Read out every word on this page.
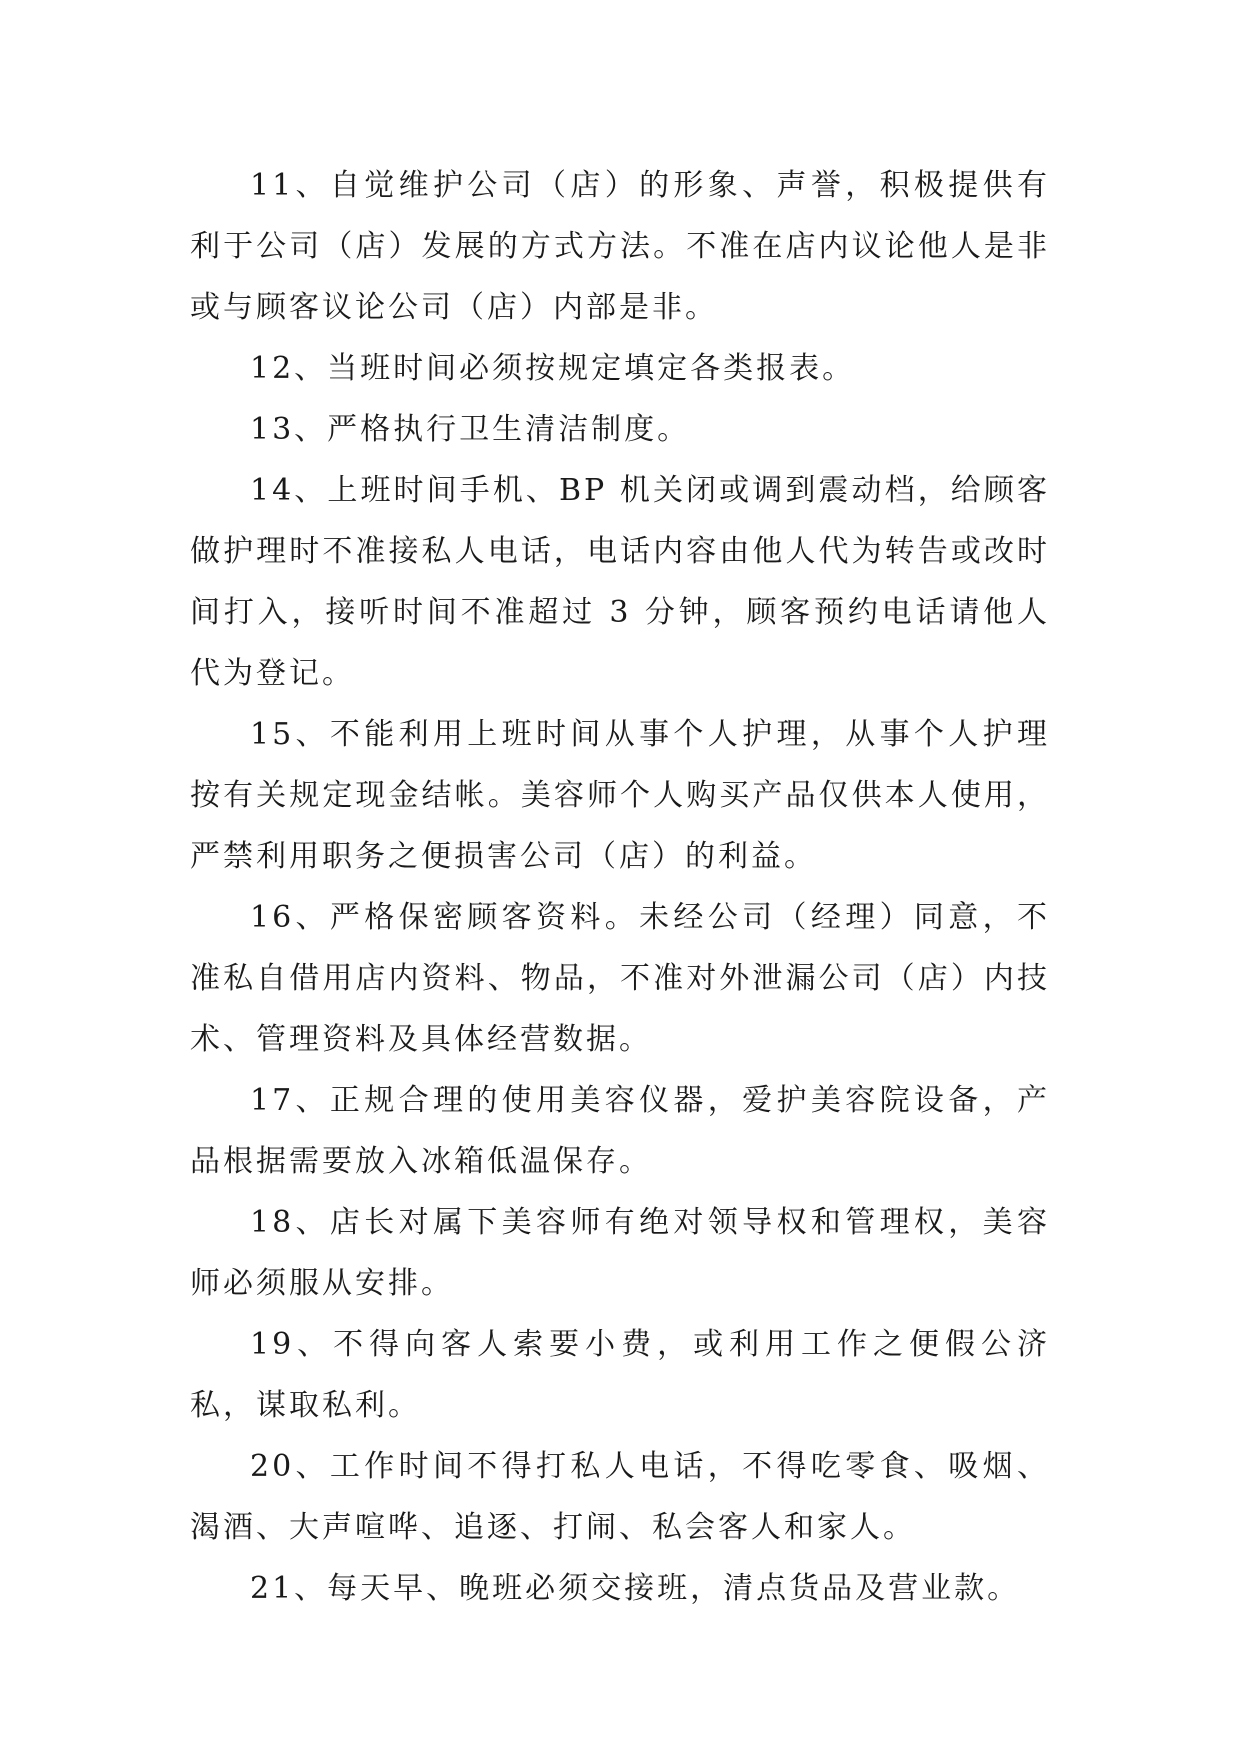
11、自觉维护公司（店）的形象、声誉，积极提供有利于公司（店）发展的方式方法。不准在店内议论他人是非或与顾客议论公司（店）内部是非。

12、当班时间必须按规定填定各类报表。

13、严格执行卫生清洁制度。

14、上班时间手机、BP 机关闭或调到震动档，给顾客做护理时不准接私人电话，电话内容由他人代为转告或改时间打入，接听时间不准超过 3 分钟，顾客预约电话请他人代为登记。

15、不能利用上班时间从事个人护理，从事个人护理按有关规定现金结帐。美容师个人购买产品仅供本人使用，严禁利用职务之便损害公司（店）的利益。

16、严格保密顾客资料。未经公司（经理）同意，不准私自借用店内资料、物品，不准对外泄漏公司（店）内技术、管理资料及具体经营数据。

17、正规合理的使用美容仪器，爱护美容院设备，产品根据需要放入冰箱低温保存。

18、店长对属下美容师有绝对领导权和管理权，美容师必须服从安排。

19、不得向客人索要小费，或利用工作之便假公济私，谋取私利。

20、工作时间不得打私人电话，不得吃零食、吸烟、渴酒、大声喧哗、追逐、打闹、私会客人和家人。

21、每天早、晚班必须交接班，清点货品及营业款。
